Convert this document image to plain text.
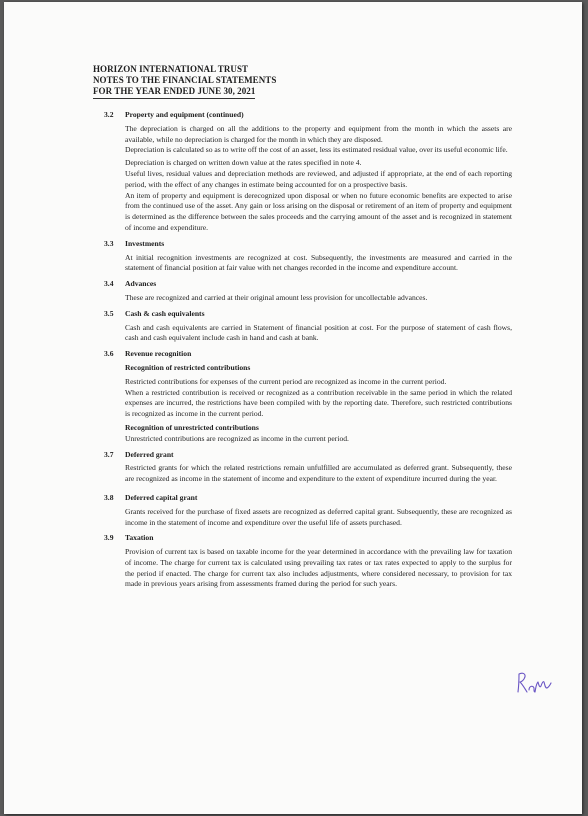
HORIZON INTERNATIONAL TRUST
NOTES TO THE FINANCIAL STATEMENTS
FOR THE YEAR ENDED JUNE 30, 2021
3.2 Property and equipment (continued)
The depreciation is charged on all the additions to the property and equipment from the month in which the assets are available, while no depreciation is charged for the month in which they are disposed.
Depreciation is calculated so as to write off the cost of an asset, less its estimated residual value, over its useful economic life.
Depreciation is charged on written down value at the rates specified in note 4.
Useful lives, residual values and depreciation methods are reviewed, and adjusted if appropriate, at the end of each reporting period, with the effect of any changes in estimate being accounted for on a prospective basis.
An item of property and equipment is derecognized upon disposal or when no future economic benefits are expected to arise from the continued use of the asset. Any gain or loss arising on the disposal or retirement of an item of property and equipment is determined as the difference between the sales proceeds and the carrying amount of the asset and is recognized in statement of income and expenditure.
3.3 Investments
At initial recognition investments are recognized at cost. Subsequently, the investments are measured and carried in the statement of financial position at fair value with net changes recorded in the income and expenditure account.
3.4 Advances
These are recognized and carried at their original amount less provision for uncollectable advances.
3.5 Cash & cash equivalents
Cash and cash equivalents are carried in Statement of financial position at cost. For the purpose of statement of cash flows, cash and cash equivalent include cash in hand and cash at bank.
3.6 Revenue recognition
Recognition of restricted contributions
Restricted contributions for expenses of the current period are recognized as income in the current period.
When a restricted contribution is received or recognized as a contribution receivable in the same period in which the related expenses are incurred, the restrictions have been compiled with by the reporting date. Therefore, such restricted contributions is recognized as income in the current period.
Recognition of unrestricted contributions
Unrestricted contributions are recognized as income in the current period.
3.7 Deferred grant
Restricted grants for which the related restrictions remain unfulfilled are accumulated as deferred grant. Subsequently, these are recognized as income in the statement of income and expenditure to the extent of expenditure incurred during the year.
3.8 Deferred capital grant
Grants received for the purchase of fixed assets are recognized as deferred capital grant. Subsequently, these are recognized as income in the statement of income and expenditure over the useful life of assets purchased.
3.9 Taxation
Provision of current tax is based on taxable income for the year determined in accordance with the prevailing law for taxation of income. The charge for current tax is calculated using prevailing tax rates or tax rates expected to apply to the surplus for the period if enacted. The charge for current tax also includes adjustments, where considered necessary, to provision for tax made in previous years arising from assessments framed during the period for such years.
